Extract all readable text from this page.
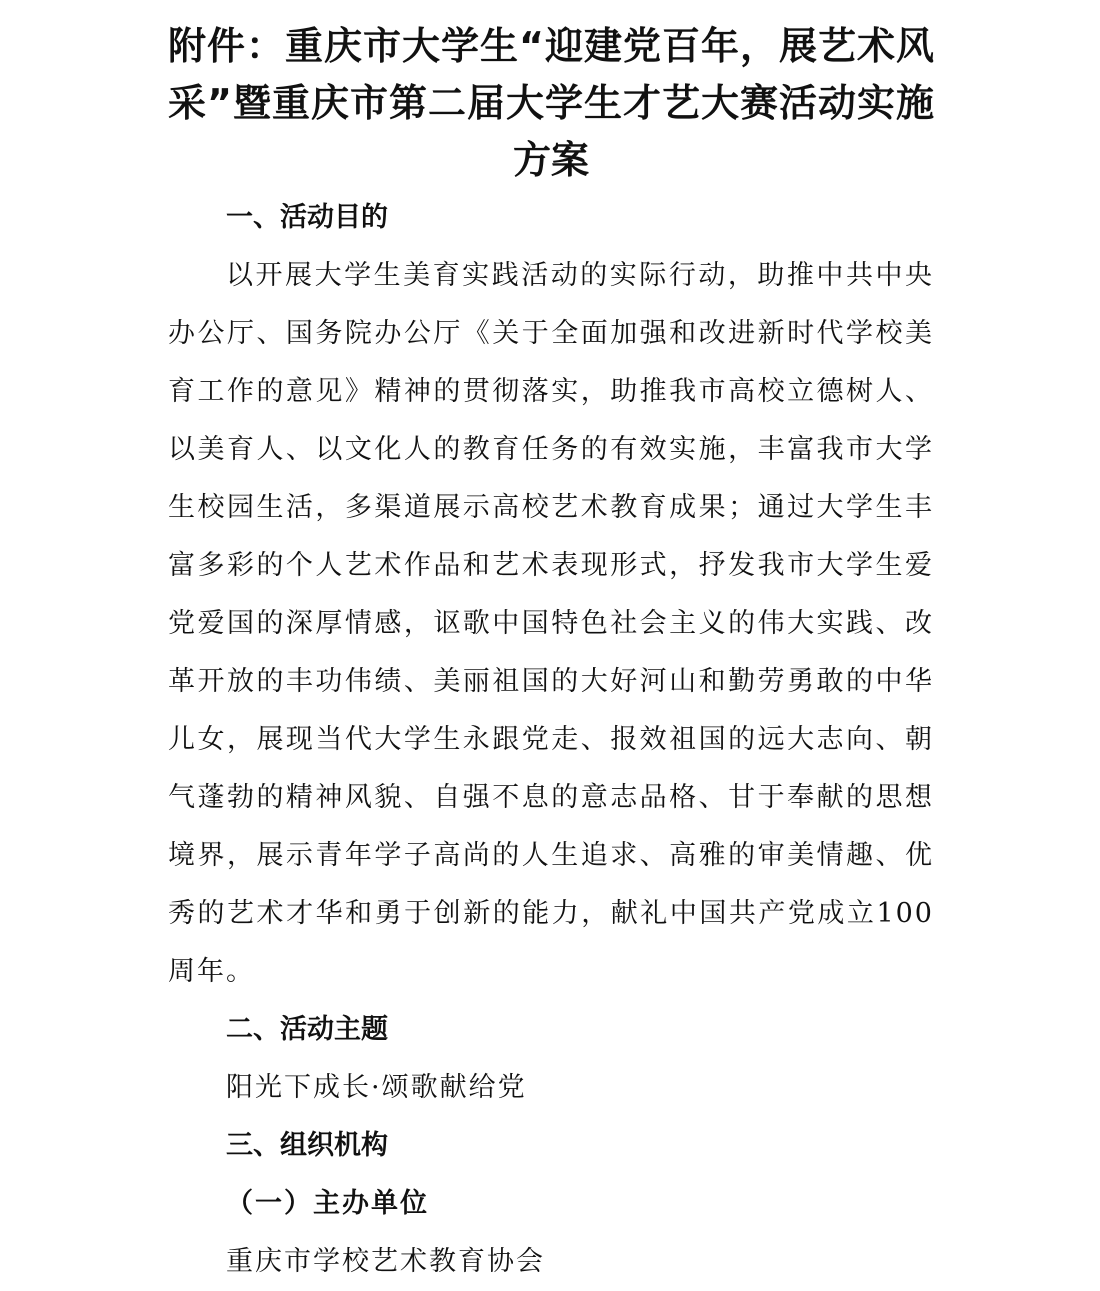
附件：重庆市大学生“迎建党百年，展艺术风采”暨重庆市第二届大学生才艺大赛活动实施方案
一、活动目的

以开展大学生美育实践活动的实际行动，助推中共中央办公厅、国务院办公厅《关于全面加强和改进新时代学校美育工作的意见》精神的贯彻落实，助推我市高校立德树人、以美育人、以文化人的教育任务的有效实施，丰富我市大学生校园生活，多渠道展示高校艺术教育成果；通过大学生丰富多彩的个人艺术作品和艺术表现形式，抒发我市大学生爱党爱国的深厚情感，讴歌中国特色社会主义的伟大实践、改革开放的丰功伟绩、美丽祖国的大好河山和勤劳勇敢的中华儿女，展现当代大学生永跟党走、报效祖国的远大志向、朝气蓬勃的精神风貌、自强不息的意志品格、甘于奉献的思想境界，展示青年学子高尚的人生追求、高雅的审美情趣、优秀的艺术才华和勇于创新的能力，献礼中国共产党成立100周年。

二、活动主题

阳光下成长·颂歌献给党

三、组织机构

（一）主办单位

重庆市学校艺术教育协会
